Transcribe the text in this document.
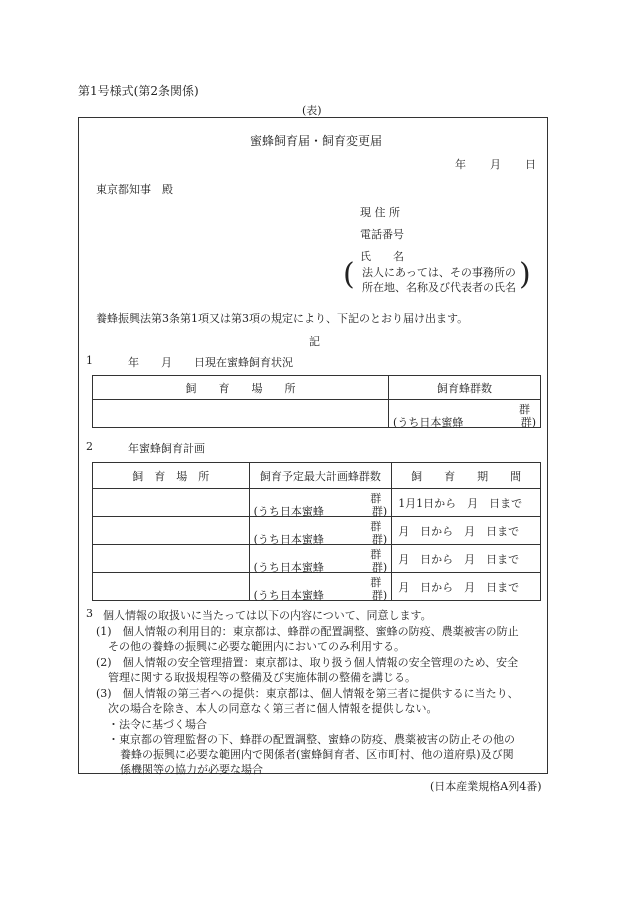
第1号様式(第2条関係)
(表)
蜜蜂飼育届・飼育変更届
年 月 日
東京都知事　殿
現 住 所
電話番号
氏　　名
( 法人にあっては、その事務所の
所在地、名称及び代表者の氏名 )
養蜂振興法第3条第1項又は第3項の規定により、下記のとおり届け出ます。
記
1	年 月 日現在蜜蜂飼育状況
飼　　育　　場　　所	飼育蜂群数

	群
(うち日本蜜蜂 群)
2	年蜜蜂飼育計画
飼　育　場　所	飼育予定最大計画蜂群数	飼　　育　　期　　間

	群
(うち日本蜜蜂 群)	1月1日から　月　日まで

	群
(うち日本蜜蜂 群)	月　日から　月　日まで

	群
(うち日本蜜蜂 群)	月　日から　月　日まで

	群
(うち日本蜜蜂 群)	月　日から　月　日まで
3 個人情報の取扱いに当たっては以下の内容について、同意します。
(1)　個人情報の利用目的：東京都は、蜂群の配置調整、蜜蜂の防疫、農薬被害の防止
その他の養蜂の振興に必要な範囲内においてのみ利用する。
(2)　個人情報の安全管理措置：東京都は、取り扱う個人情報の安全管理のため、安全
管理に関する取扱規程等の整備及び実施体制の整備を講じる。
(3)　個人情報の第三者への提供：東京都は、個人情報を第三者に提供するに当たり、
次の場合を除き、本人の同意なく第三者に個人情報を提供しない。
・法令に基づく場合
・東京都の管理監督の下、蜂群の配置調整、蜜蜂の防疫、農薬被害の防止その他の
養蜂の振興に必要な範囲内で関係者(蜜蜂飼育者、区市町村、他の道府県)及び関
係機関等の協力が必要な場合
(日本産業規格A列4番)
